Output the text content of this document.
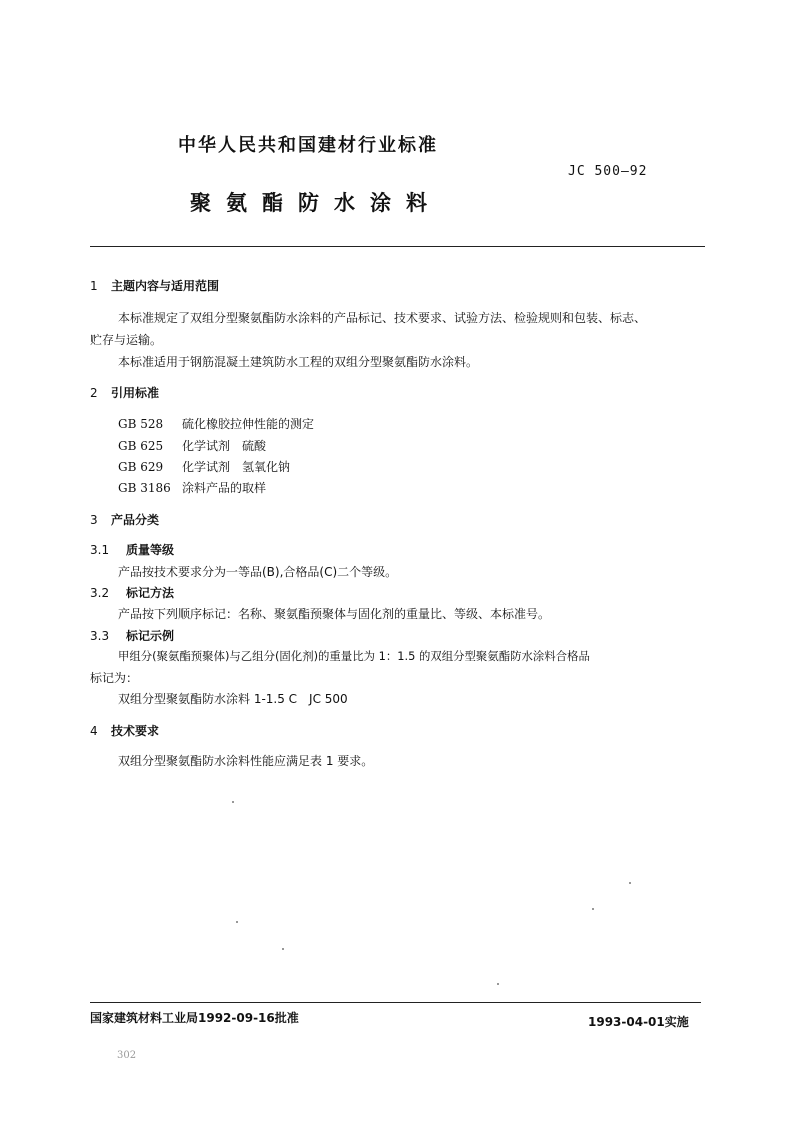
中华人民共和国建材行业标准
JC 500—92
聚氨酯防水涂料
1 主题内容与适用范围
本标准规定了双组分型聚氨酯防水涂料的产品标记、技术要求、试验方法、检验规则和包装、标志、
贮存与运输。
本标准适用于钢筋混凝土建筑防水工程的双组分型聚氨酯防水涂料。
2 引用标准
GB 528 硫化橡胶拉伸性能的测定
GB 625 化学试剂　硫酸
GB 629 化学试剂　氢氧化钠
GB 3186 涂料产品的取样
3 产品分类
3.1 质量等级
产品按技术要求分为一等品(B),合格品(C)二个等级。
3.2 标记方法
产品按下列顺序标记：名称、聚氨酯预聚体与固化剂的重量比、等级、本标准号。
3.3 标记示例
甲组分(聚氨酯预聚体)与乙组分(固化剂)的重量比为 1：1.5 的双组分型聚氨酯防水涂料合格品
标记为：
双组分型聚氨酯防水涂料 1-1.5 C　JC 500
4 技术要求
双组分型聚氨酯防水涂料性能应满足表 1 要求。
国家建筑材料工业局1992-09-16批准	1993-04-01实施
302
